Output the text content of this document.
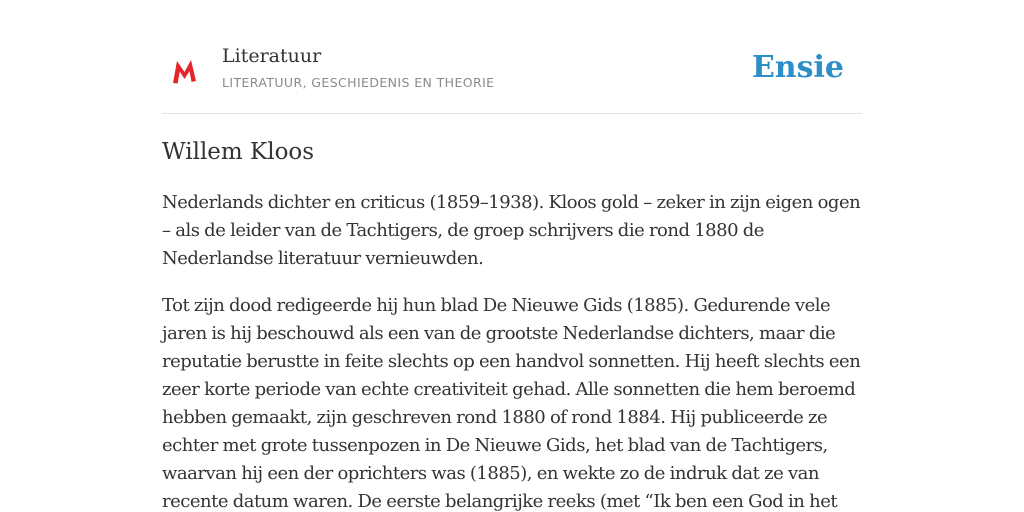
Literatuur
LITERATUUR, GESCHIEDENIS EN THEORIE	Ensie
Willem Kloos

Nederlands dichter en criticus (1859–1938). Kloos gold – zeker in zijn eigen ogen – als de leider van de Tachtigers, de groep schrijvers die rond 1880 de Nederlandse literatuur vernieuwden.

Tot zijn dood redigeerde hij hun blad De Nieuwe Gids (1885). Gedurende vele jaren is hij beschouwd als een van de grootste Nederlandse dichters, maar die reputatie berustte in feite slechts op een handvol sonnetten. Hij heeft slechts een zeer korte periode van echte creativiteit gehad. Alle sonnetten die hem beroemd hebben gemaakt, zijn geschreven rond 1880 of rond 1884. Hij publiceerde ze echter met grote tussenpozen in De Nieuwe Gids, het blad van de Tachtigers, waarvan hij een der oprichters was (1885), en wekte zo de indruk dat ze van recente datum waren. De eerste belangrijke reeks (met “Ik ben een God in het
